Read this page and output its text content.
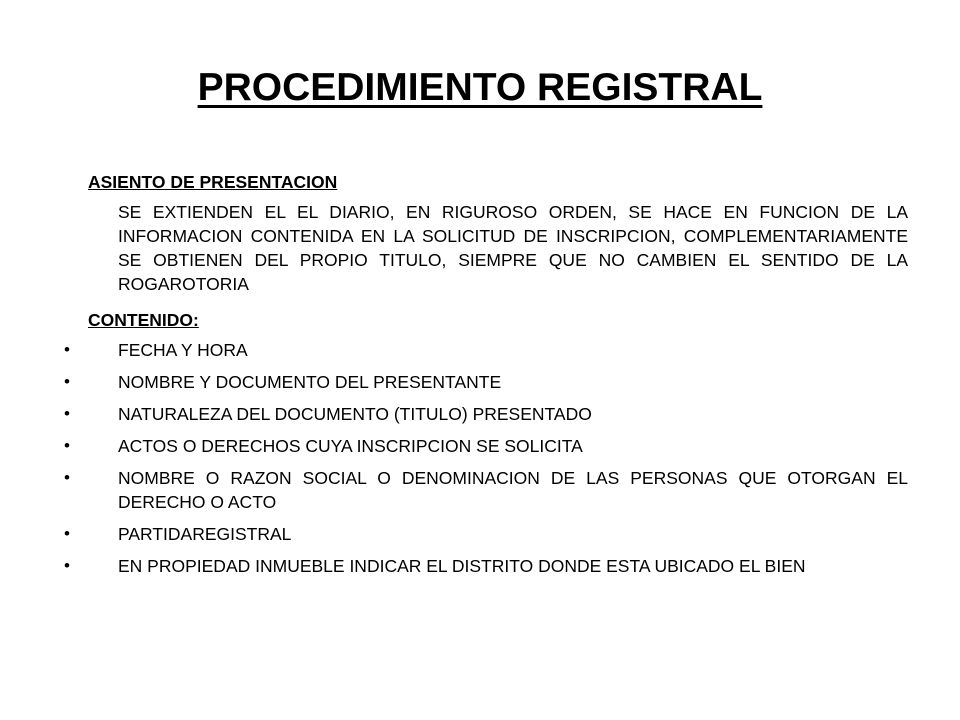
PROCEDIMIENTO REGISTRAL
ASIENTO DE PRESENTACION
SE EXTIENDEN EL EL DIARIO, EN RIGUROSO ORDEN, SE HACE EN FUNCION DE LA INFORMACION CONTENIDA EN LA SOLICITUD DE INSCRIPCION, COMPLEMENTARIAMENTE SE OBTIENEN DEL PROPIO TITULO, SIEMPRE QUE NO CAMBIEN EL SENTIDO DE LA ROGAROTORIA
CONTENIDO:
•	FECHA Y HORA
•	NOMBRE Y DOCUMENTO DEL PRESENTANTE
•	NATURALEZA DEL DOCUMENTO (TITULO) PRESENTADO
•	ACTOS O DERECHOS CUYA INSCRIPCION SE SOLICITA
•	NOMBRE O RAZON SOCIAL O DENOMINACION DE LAS PERSONAS QUE OTORGAN EL DERECHO O ACTO
•	PARTIDAREGISTRAL
•	EN PROPIEDAD INMUEBLE INDICAR EL DISTRITO DONDE ESTA UBICADO EL BIEN
